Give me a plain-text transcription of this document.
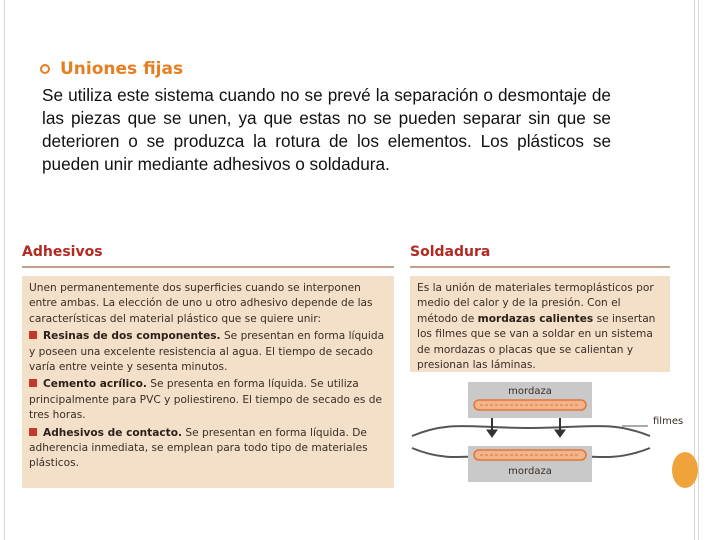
Uniones fijas

Se utiliza este sistema cuando no se prevé la separación o desmontaje de las piezas que se unen, ya que estas no se pueden separar sin que se deterioren o se produzca la rotura de los elementos. Los plásticos se pueden unir mediante adhesivos o soldadura.

Adhesivos

Unen permanentemente dos superficies cuando se interponen entre ambas. La elección de uno u otro adhesivo depende de las características del material plástico que se quiere unir:

Resinas de dos componentes. Se presentan en forma líquida y poseen una excelente resistencia al agua. El tiempo de secado varía entre veinte y sesenta minutos.

Cemento acrílico. Se presenta en forma líquida. Se utiliza principalmente para PVC y poliestireno. El tiempo de secado es de tres horas.

Adhesivos de contacto. Se presentan en forma líquida. De adherencia inmediata, se emplean para todo tipo de materiales plásticos.

Soldadura

Es la unión de materiales termoplásticos por medio del calor y de la presión. Con el método de mordazas calientes se insertan los filmes que se van a soldar en un sistema de mordazas o placas que se calientan y presionan las láminas.

mordaza
filmes
mordaza
